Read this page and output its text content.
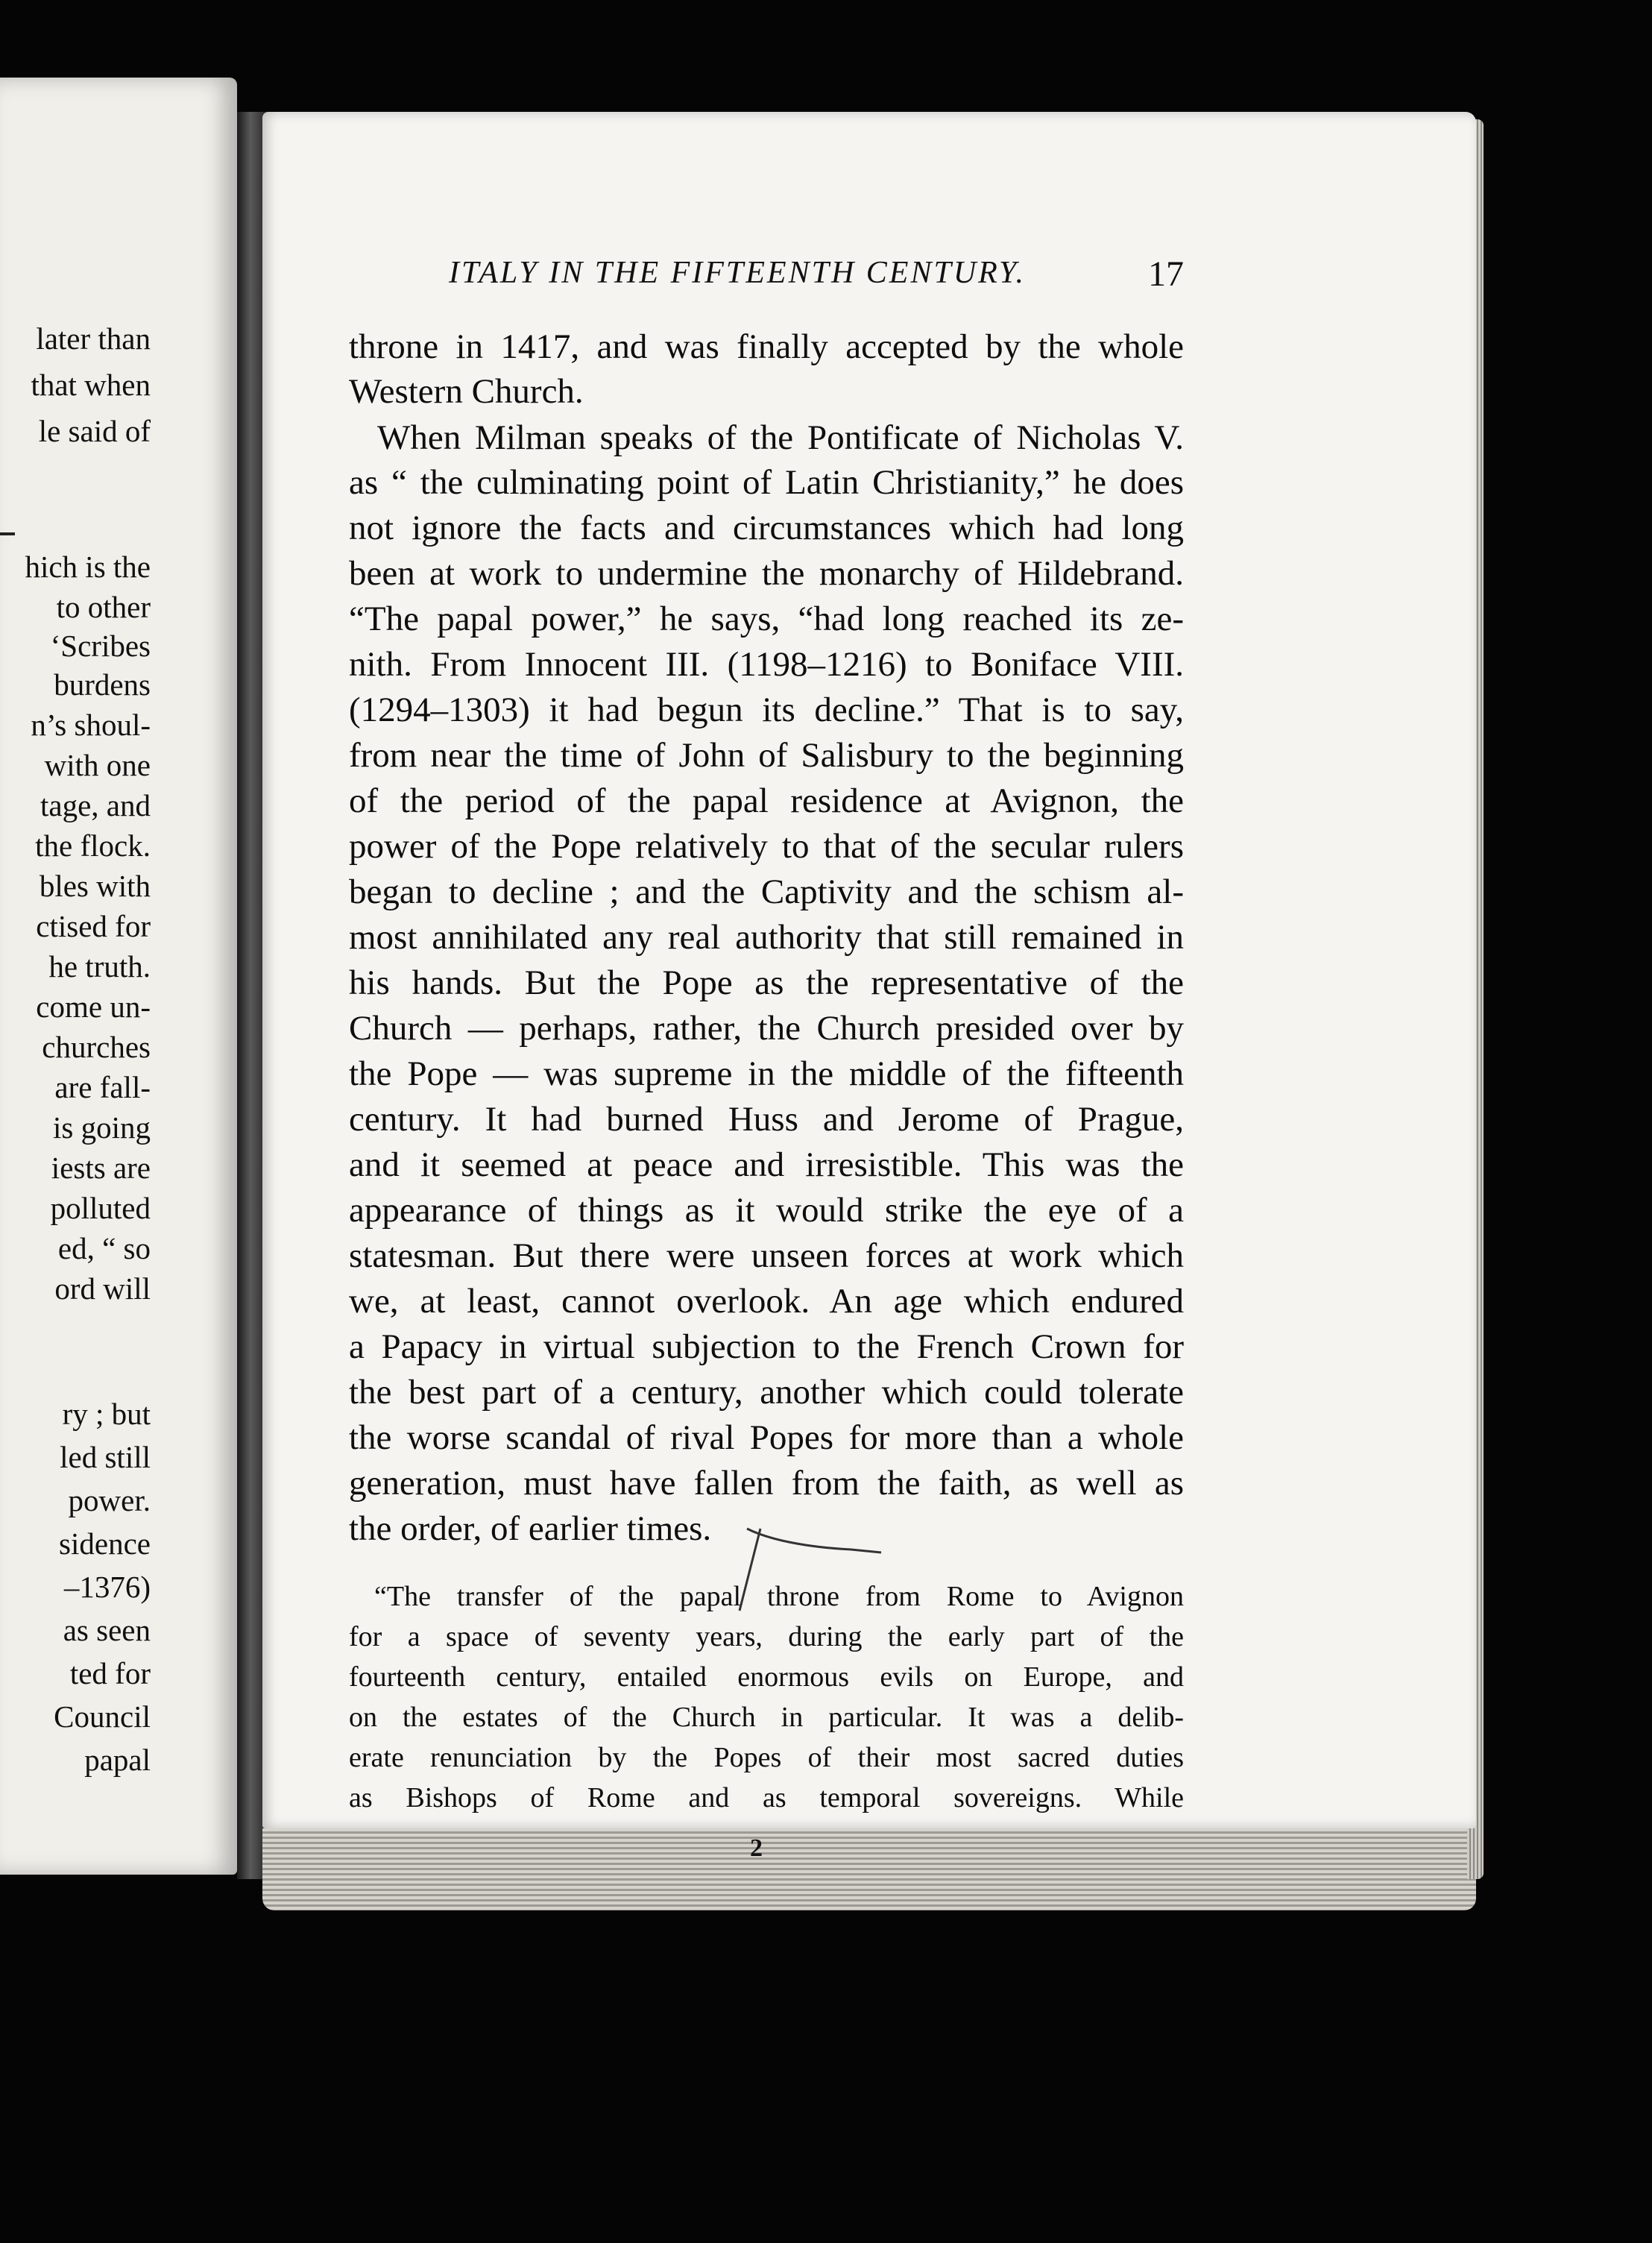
later than
that when
le said of
hich is the
to other
‘Scribes
burdens
n’s shoul-
with one
tage, and
the flock.
bles with
ctised for
he truth.
come un-
churches
are fall-
is going
iests are
polluted
ed, “ so
ord will
ry ; but
led still
power.
sidence
–1376)
as seen
ted for
Council
papal
ITALY IN THE FIFTEENTH CENTURY.	17
throne in 1417, and was finally accepted by the whole
Western Church.
When Milman speaks of the Pontificate of Nicholas V.
as “ the culminating point of Latin Christianity,” he does
not ignore the facts and circumstances which had long
been at work to undermine the monarchy of Hildebrand.
“The papal power,” he says, “had long reached its ze-
nith. From Innocent III. (1198–1216) to Boniface VIII.
(1294–1303) it had begun its decline.” That is to say,
from near the time of John of Salisbury to the beginning
of the period of the papal residence at Avignon, the
power of the Pope relatively to that of the secular rulers
began to decline ; and the Captivity and the schism al-
most annihilated any real authority that still remained in
his hands. But the Pope as the representative of the
Church — perhaps, rather, the Church presided over by
the Pope — was supreme in the middle of the fifteenth
century. It had burned Huss and Jerome of Prague,
and it seemed at peace and irresistible. This was the
appearance of things as it would strike the eye of a
statesman. But there were unseen forces at work which
we, at least, cannot overlook. An age which endured
a Papacy in virtual subjection to the French Crown for
the best part of a century, another which could tolerate
the worse scandal of rival Popes for more than a whole
generation, must have fallen from the faith, as well as
the order, of earlier times.
“The transfer of the papal throne from Rome to Avignon
for a space of seventy years, during the early part of the
fourteenth century, entailed enormous evils on Europe, and
on the estates of the Church in particular. It was a delib-
erate renunciation by the Popes of their most sacred duties
as Bishops of Rome and as temporal sovereigns. While
2
